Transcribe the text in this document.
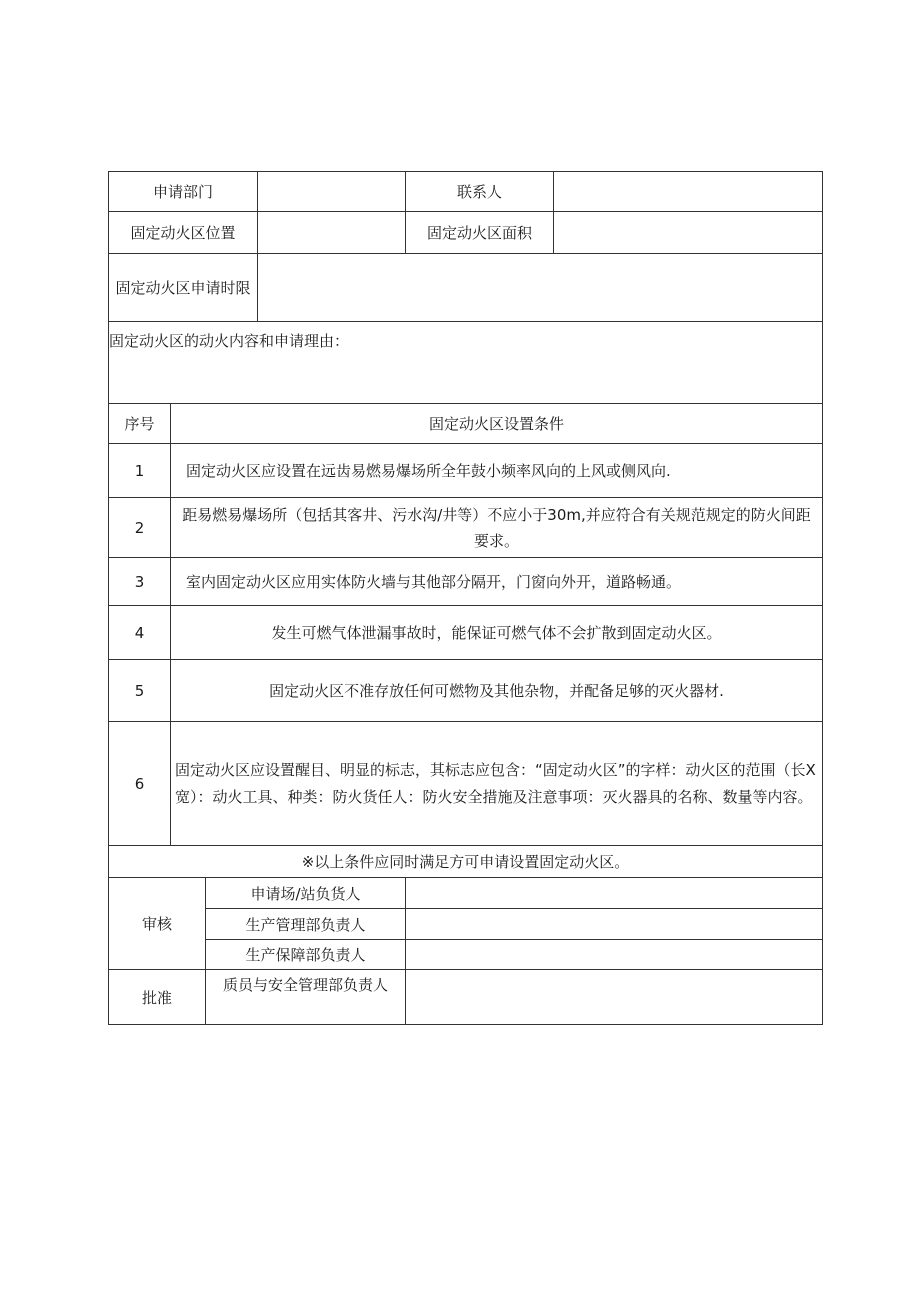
申请部门				联系人	
固定动火区位置				固定动火区面积	
固定动火区申请时限					
固定动火区的动火内容和申请理由：					
序号	固定动火区设置条件				
1	固定动火区应设置在远齿易燃易爆场所全年鼓小频率风向的上风或侧风向.				
2	距易燃易爆场所（包括其客井、污水沟/井等）不应小于30m,并应符合有关规范规定的防火间距要求。				
3	室内固定动火区应用实体防火墙与其他部分隔开，门窗向外开，道路畅通。				
4	发生可燃气体泄漏事故时，能保证可燃气体不会扩散到固定动火区。				
5	固定动火区不准存放任何可燃物及其他杂物，并配备足够的灭火器材.				
6	固定动火区应设置醒目、明显的标志，其标志应包含：“固定动火区”的字样：动火区的范围（长X宽）：动火工具、种类：防火货任人：防火安全措施及注意事项：灭火器具的名称、数量等内容。				
※以上条件应同时满足方可申请设置固定动火区。					
审核		申请场/站负货人			
		生产管理部负责人			
		生产保障部负责人			
批准		质员与安全管理部负责人			
